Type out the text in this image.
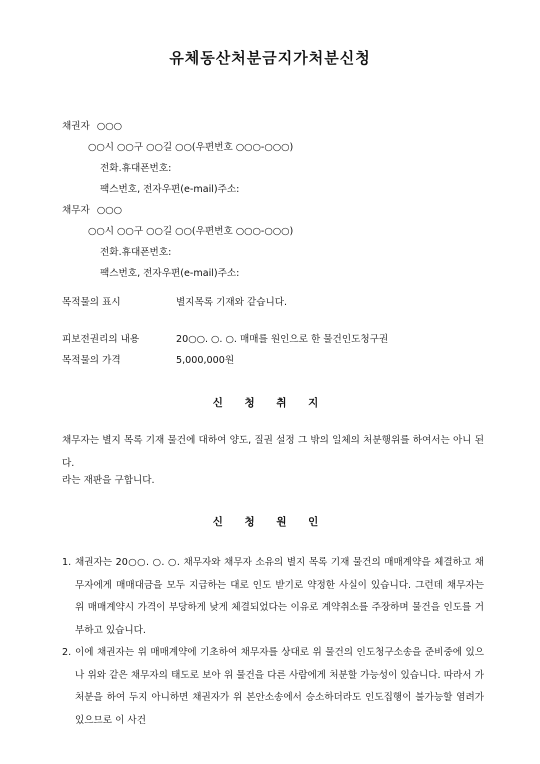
유체동산처분금지가처분신청
채권자 ○○○
○○시 ○○구 ○○길 ○○(우편번호 ○○○-○○○)
전화․휴대폰번호:
팩스번호, 전자우편(e-mail)주소:
채무자 ○○○
○○시 ○○구 ○○길 ○○(우편번호 ○○○-○○○)
전화․휴대폰번호:
팩스번호, 전자우편(e-mail)주소:
목적물의 표시	별지목록 기재와 같습니다.
피보전권리의 내용	20○○. ○. ○. 매매를 원인으로 한 물건인도청구권
목적물의 가격	5,000,000원
신 청 취 지
채무자는 별지 목록 기재 물건에 대하여 양도, 질권 설정 그 밖의 일체의 처분행위를 하여서는 아니 된다.
라는 재판을 구합니다.
신 청 원 인
1. 채권자는 20○○. ○. ○. 채무자와 채무자 소유의 별지 목록 기재 물건의 매매계약을 체결하고 채무자에게 매매대금을 모두 지급하는 대로 인도 받기로 약정한 사실이 있습니다. 그런데 채무자는 위 매매계약시 가격이 부당하게 낮게 체결되었다는 이유로 계약취소를 주장하며 물건을 인도를 거부하고 있습니다.
2. 이에 채권자는 위 매매계약에 기초하여 채무자를 상대로 위 물건의 인도청구소송을 준비중에 있으나 위와 같은 채무자의 태도로 보아 위 물건을 다른 사람에게 처분할 가능성이 있습니다. 따라서 가처분을 하여 두지 아니하면 채권자가 위 본안소송에서 승소하더라도 인도집행이 불가능할 염려가 있으므로 이 사건
